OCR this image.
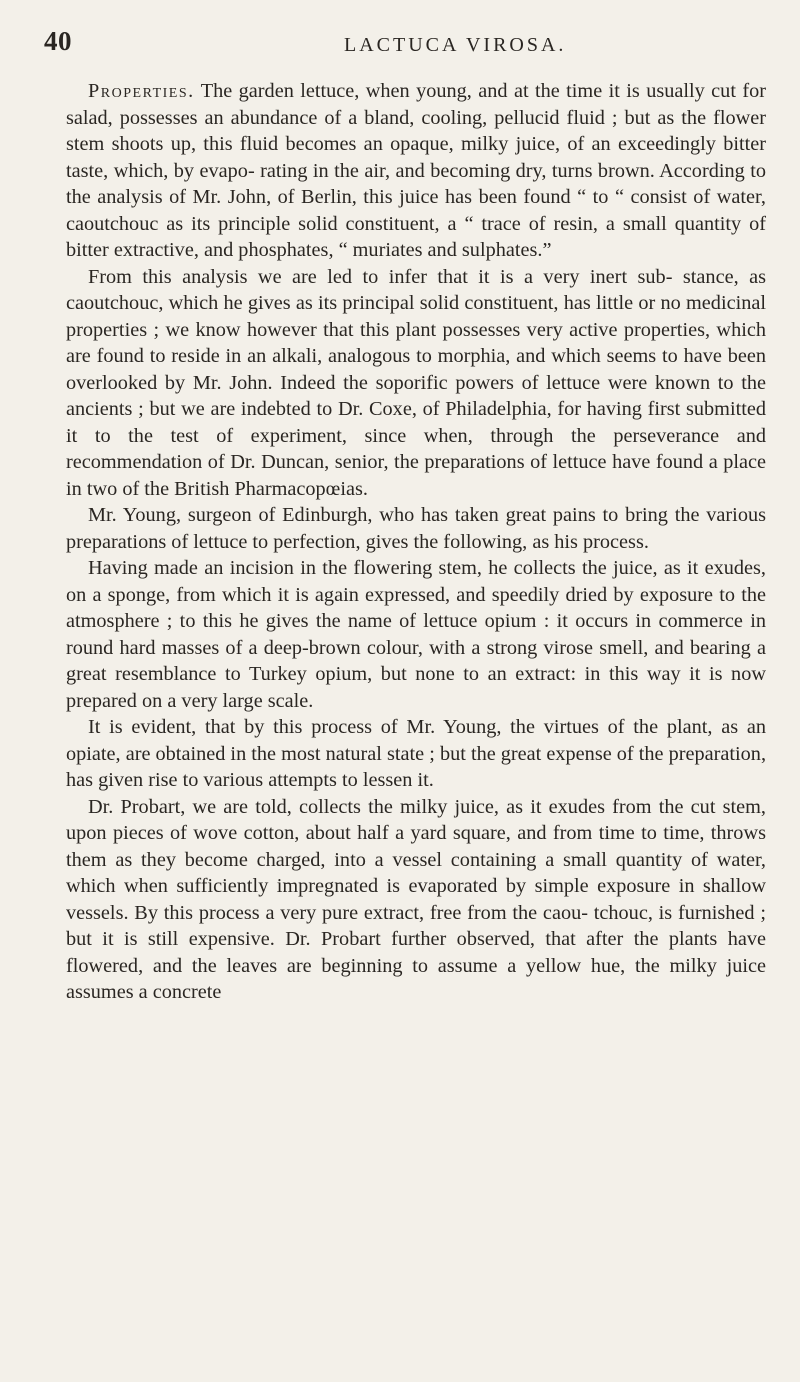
40	LACTUCA VIROSA.

Properties. The garden lettuce, when young, and at the time it is usually cut for salad, possesses an abundance of a bland, cooling, pellucid fluid ; but as the flower stem shoots up, this fluid becomes an opaque, milky juice, of an exceedingly bitter taste, which, by evapo- rating in the air, and becoming dry, turns brown. According to the analysis of Mr. John, of Berlin, this juice has been found “ to “ consist of water, caoutchouc as its principle solid constituent, a “ trace of resin, a small quantity of bitter extractive, and phosphates, “ muriates and sulphates.”

From this analysis we are led to infer that it is a very inert sub- stance, as caoutchouc, which he gives as its principal solid constituent, has little or no medicinal properties ; we know however that this plant possesses very active properties, which are found to reside in an alkali, analogous to morphia, and which seems to have been overlooked by Mr. John. Indeed the soporific powers of lettuce were known to the ancients ; but we are indebted to Dr. Coxe, of Philadelphia, for having first submitted it to the test of experiment, since when, through the perseverance and recommendation of Dr. Duncan, senior, the preparations of lettuce have found a place in two of the British Pharmacopœias.

Mr. Young, surgeon of Edinburgh, who has taken great pains to bring the various preparations of lettuce to perfection, gives the following, as his process.

Having made an incision in the flowering stem, he collects the juice, as it exudes, on a sponge, from which it is again expressed, and speedily dried by exposure to the atmosphere ; to this he gives the name of lettuce opium : it occurs in commerce in round hard masses of a deep-brown colour, with a strong virose smell, and bearing a great resemblance to Turkey opium, but none to an extract: in this way it is now prepared on a very large scale.

It is evident, that by this process of Mr. Young, the virtues of the plant, as an opiate, are obtained in the most natural state ; but the great expense of the preparation, has given rise to various attempts to lessen it.

Dr. Probart, we are told, collects the milky juice, as it exudes from the cut stem, upon pieces of wove cotton, about half a yard square, and from time to time, throws them as they become charged, into a vessel containing a small quantity of water, which when sufficiently impregnated is evaporated by simple exposure in shallow vessels. By this process a very pure extract, free from the caou- tchouc, is furnished ; but it is still expensive. Dr. Probart further observed, that after the plants have flowered, and the leaves are beginning to assume a yellow hue, the milky juice assumes a concrete
